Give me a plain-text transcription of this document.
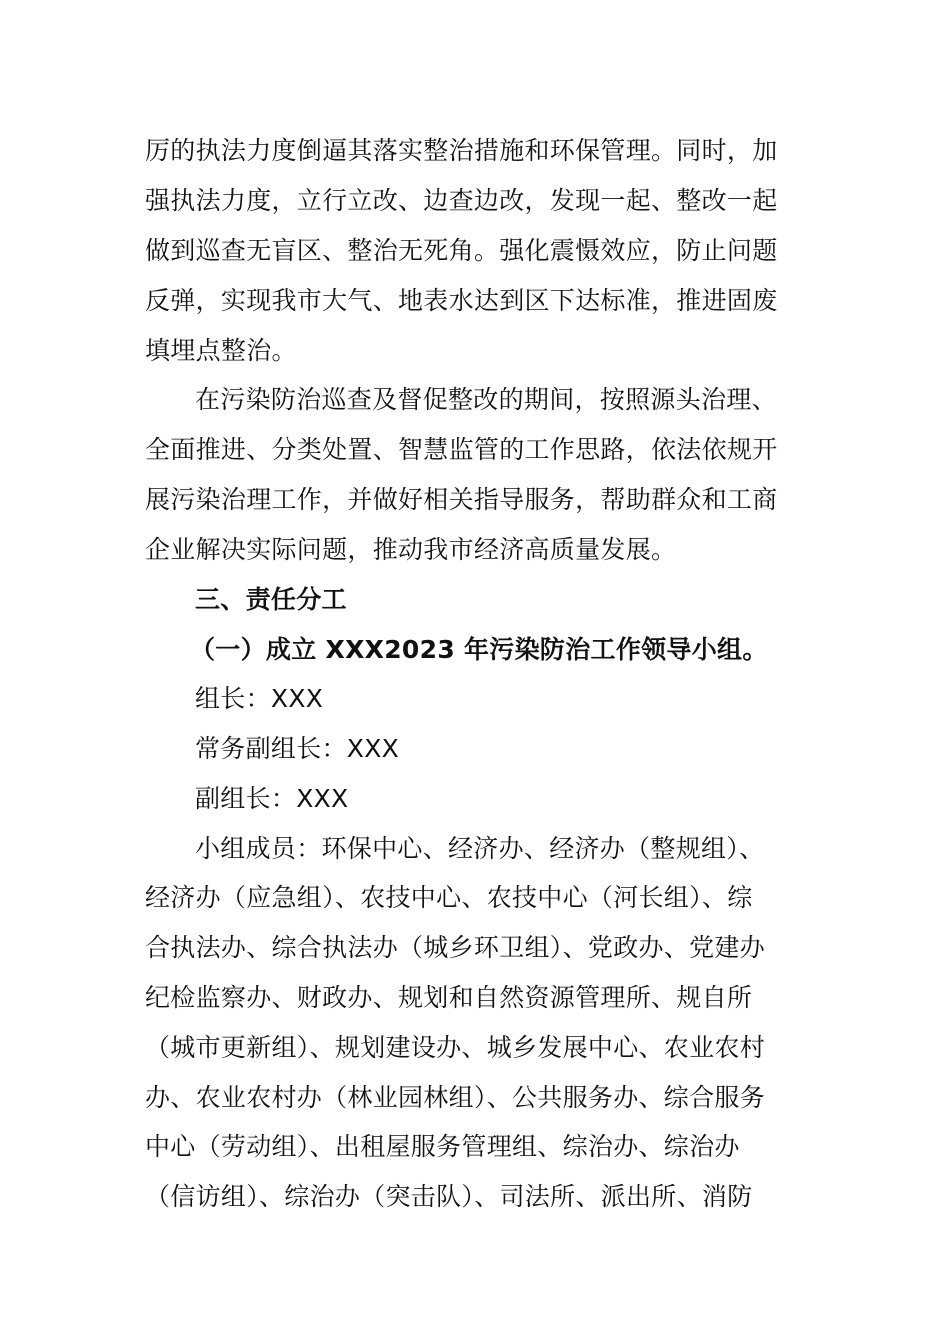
厉的执法力度倒逼其落实整治措施和环保管理。同时，加
强执法力度，立行立改、边查边改，发现一起、整改一起
做到巡查无盲区、整治无死角。强化震慑效应，防止问题
反弹，实现我市大气、地表水达到区下达标准，推进固废
填埋点整治。
在污染防治巡查及督促整改的期间，按照源头治理、
全面推进、分类处置、智慧监管的工作思路，依法依规开
展污染治理工作，并做好相关指导服务，帮助群众和工商
企业解决实际问题，推动我市经济高质量发展。
三、责任分工
（一）成立 XXX2023 年污染防治工作领导小组。
组长：XXX
常务副组长：XXX
副组长：XXX
小组成员：环保中心、经济办、经济办（整规组）、
经济办（应急组）、农技中心、农技中心（河长组）、综
合执法办、综合执法办（城乡环卫组）、党政办、党建办
纪检监察办、财政办、规划和自然资源管理所、规自所
（城市更新组）、规划建设办、城乡发展中心、农业农村
办、农业农村办（林业园林组）、公共服务办、综合服务
中心（劳动组）、出租屋服务管理组、综治办、综治办
（信访组）、综治办（突击队）、司法所、派出所、消防
